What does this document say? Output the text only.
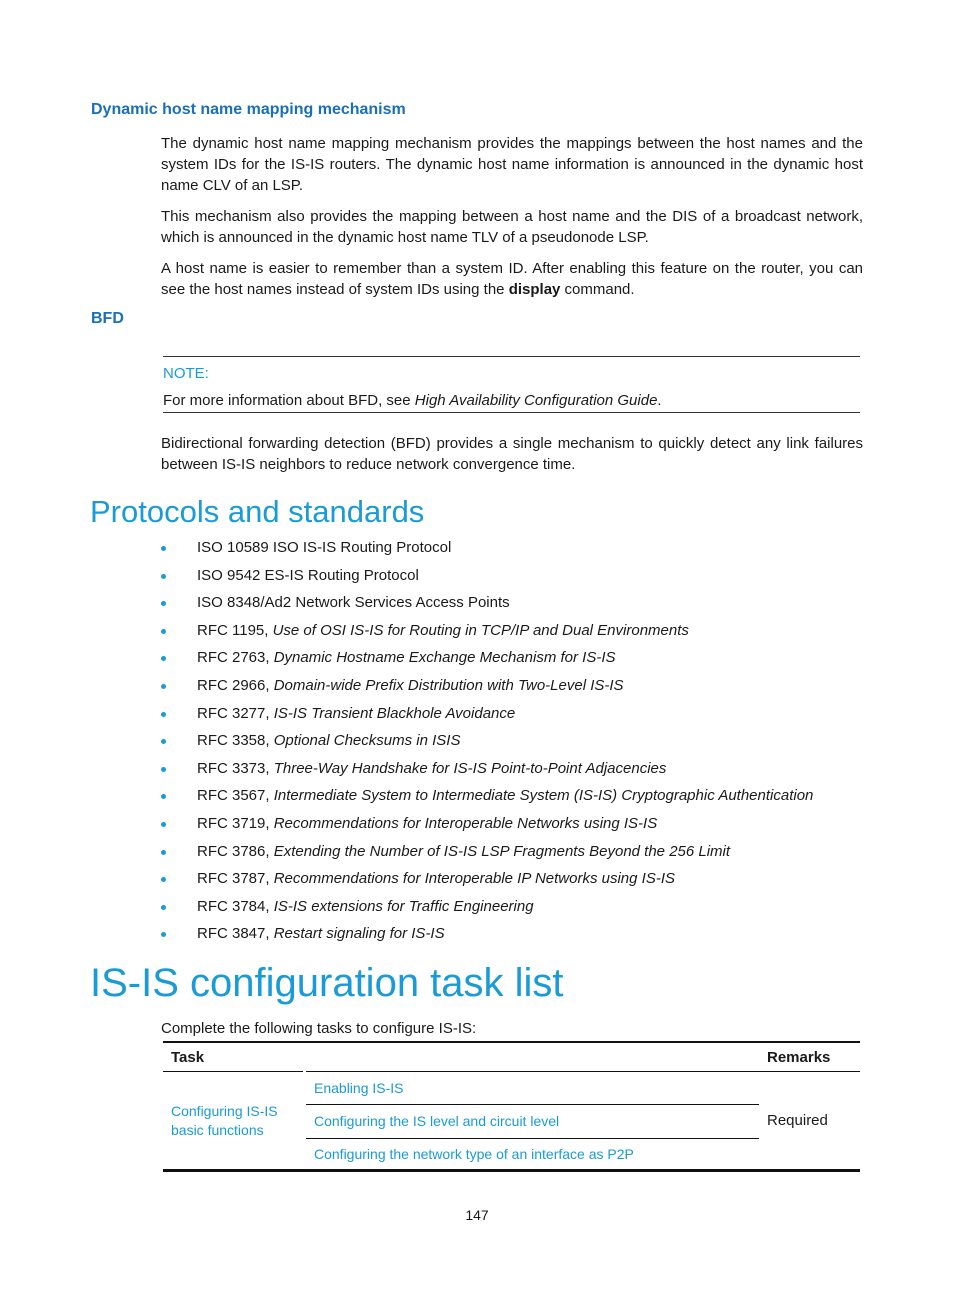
Dynamic host name mapping mechanism
The dynamic host name mapping mechanism provides the mappings between the host names and the system IDs for the IS-IS routers. The dynamic host name information is announced in the dynamic host name CLV of an LSP.
This mechanism also provides the mapping between a host name and the DIS of a broadcast network, which is announced in the dynamic host name TLV of a pseudonode LSP.
A host name is easier to remember than a system ID. After enabling this feature on the router, you can see the host names instead of system IDs using the display command.
BFD
NOTE:
For more information about BFD, see High Availability Configuration Guide.
Bidirectional forwarding detection (BFD) provides a single mechanism to quickly detect any link failures between IS-IS neighbors to reduce network convergence time.
Protocols and standards
ISO 10589 ISO IS-IS Routing Protocol
ISO 9542 ES-IS Routing Protocol
ISO 8348/Ad2 Network Services Access Points
RFC 1195, Use of OSI IS-IS for Routing in TCP/IP and Dual Environments
RFC 2763, Dynamic Hostname Exchange Mechanism for IS-IS
RFC 2966, Domain-wide Prefix Distribution with Two-Level IS-IS
RFC 3277, IS-IS Transient Blackhole Avoidance
RFC 3358, Optional Checksums in ISIS
RFC 3373, Three-Way Handshake for IS-IS Point-to-Point Adjacencies
RFC 3567, Intermediate System to Intermediate System (IS-IS) Cryptographic Authentication
RFC 3719, Recommendations for Interoperable Networks using IS-IS
RFC 3786, Extending the Number of IS-IS LSP Fragments Beyond the 256 Limit
RFC 3787, Recommendations for Interoperable IP Networks using IS-IS
RFC 3784, IS-IS extensions for Traffic Engineering
RFC 3847, Restart signaling for IS-IS
IS-IS configuration task list
Complete the following tasks to configure IS-IS:
Task		Remarks
Configuring IS-IS basic functions	Enabling IS-IS	Required
	Configuring the IS level and circuit level	
	Configuring the network type of an interface as P2P	
147
